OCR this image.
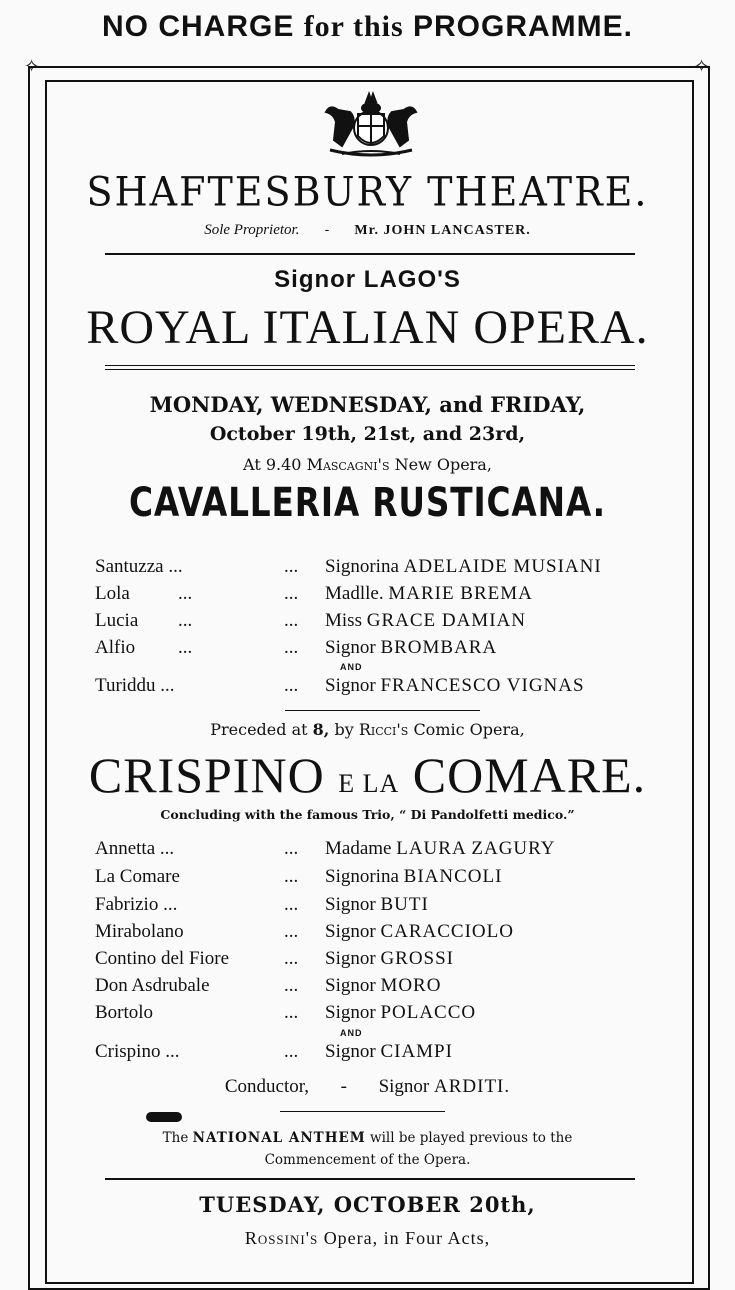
NO CHARGE for this PROGRAMME.
✧	✧
SHAFTESBURY THEATRE.
Sole Proprietor. - Mr. JOHN LANCASTER.
Signor LAGO'S
ROYAL ITALIAN OPERA.
MONDAY, WEDNESDAY, and FRIDAY,
October 19th, 21st, and 23rd,
At 9.40 Mascagni's New Opera,
CAVALLERIA RUSTICANA.
Santuzza ...	... Signorina ADELAIDE MUSIANI
Lola	...	... Madlle. MARIE BREMA
Lucia ...	... Miss GRACE DAMIAN
Alfio ...	... Signor BROMBARA
AND
Turiddu ...	... Signor FRANCESCO VIGNAS
Preceded at 8, by Ricci's Comic Opera,
CRISPINO E LA COMARE.
Concluding with the famous Trio, “ Di Pandolfetti medico.”
Annetta ...	... Madame LAURA ZAGURY
La Comare	... Signorina BIANCOLI
Fabrizio ...	... Signor BUTI
Mirabolano	... Signor CARACCIOLO
Contino del Fiore	... Signor GROSSI
Don Asdrubale	... Signor MORO
Bortolo	... Signor POLACCO
AND
Crispino ...	... Signor CIAMPI
Conductor, - Signor ARDITI.
The NATIONAL ANTHEM will be played previous to the
Commencement of the Opera.
TUESDAY, OCTOBER 20th,
Rossini's Opera, in Four Acts,
